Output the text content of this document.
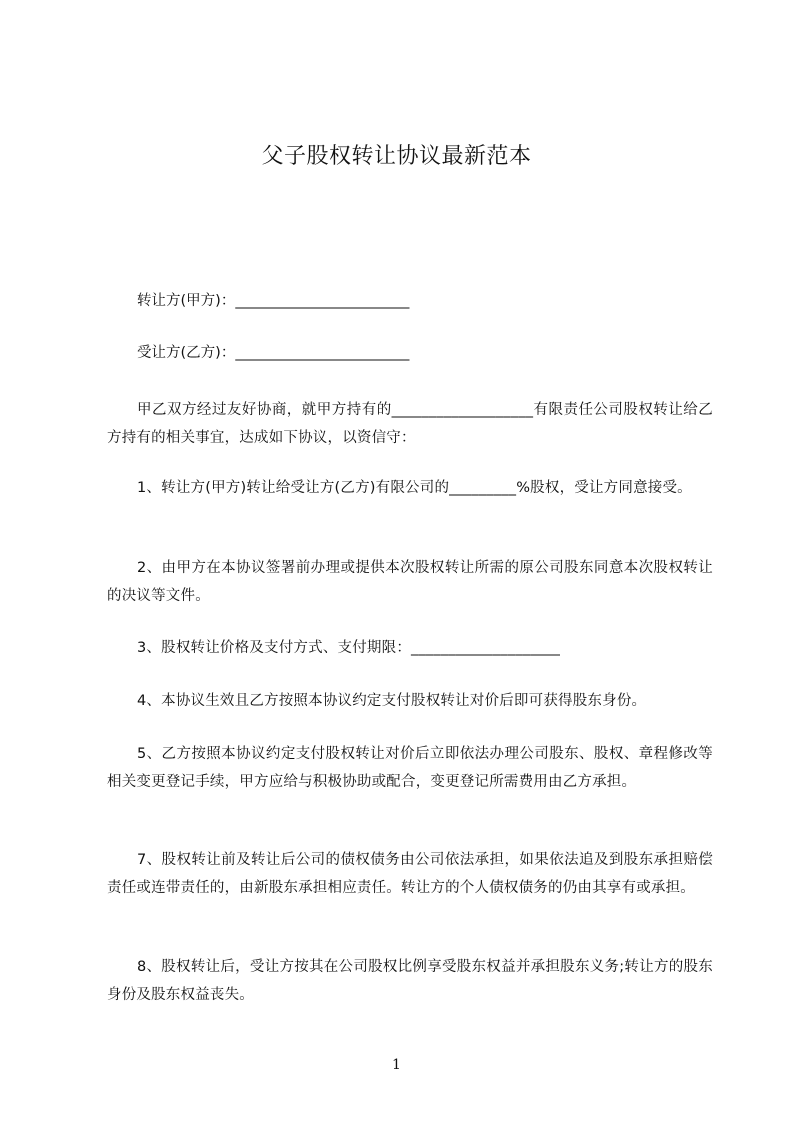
父子股权转让协议最新范本
转让方(甲方)：________________________
受让方(乙方)：________________________
甲乙双方经过友好协商，就甲方持有的___________________有限责任公司股权转让给乙方持有的相关事宜，达成如下协议，以资信守：
1、转让方(甲方)转让给受让方(乙方)有限公司的_________%股权，受让方同意接受。
2、由甲方在本协议签署前办理或提供本次股权转让所需的原公司股东同意本次股权转让的决议等文件。
3、股权转让价格及支付方式、支付期限：____________________
4、本协议生效且乙方按照本协议约定支付股权转让对价后即可获得股东身份。
5、乙方按照本协议约定支付股权转让对价后立即依法办理公司股东、股权、章程修改等相关变更登记手续，甲方应给与积极协助或配合，变更登记所需费用由乙方承担。
7、股权转让前及转让后公司的债权债务由公司依法承担，如果依法追及到股东承担赔偿责任或连带责任的，由新股东承担相应责任。转让方的个人债权债务的仍由其享有或承担。
8、股权转让后，受让方按其在公司股权比例享受股东权益并承担股东义务;转让方的股东身份及股东权益丧失。
1
